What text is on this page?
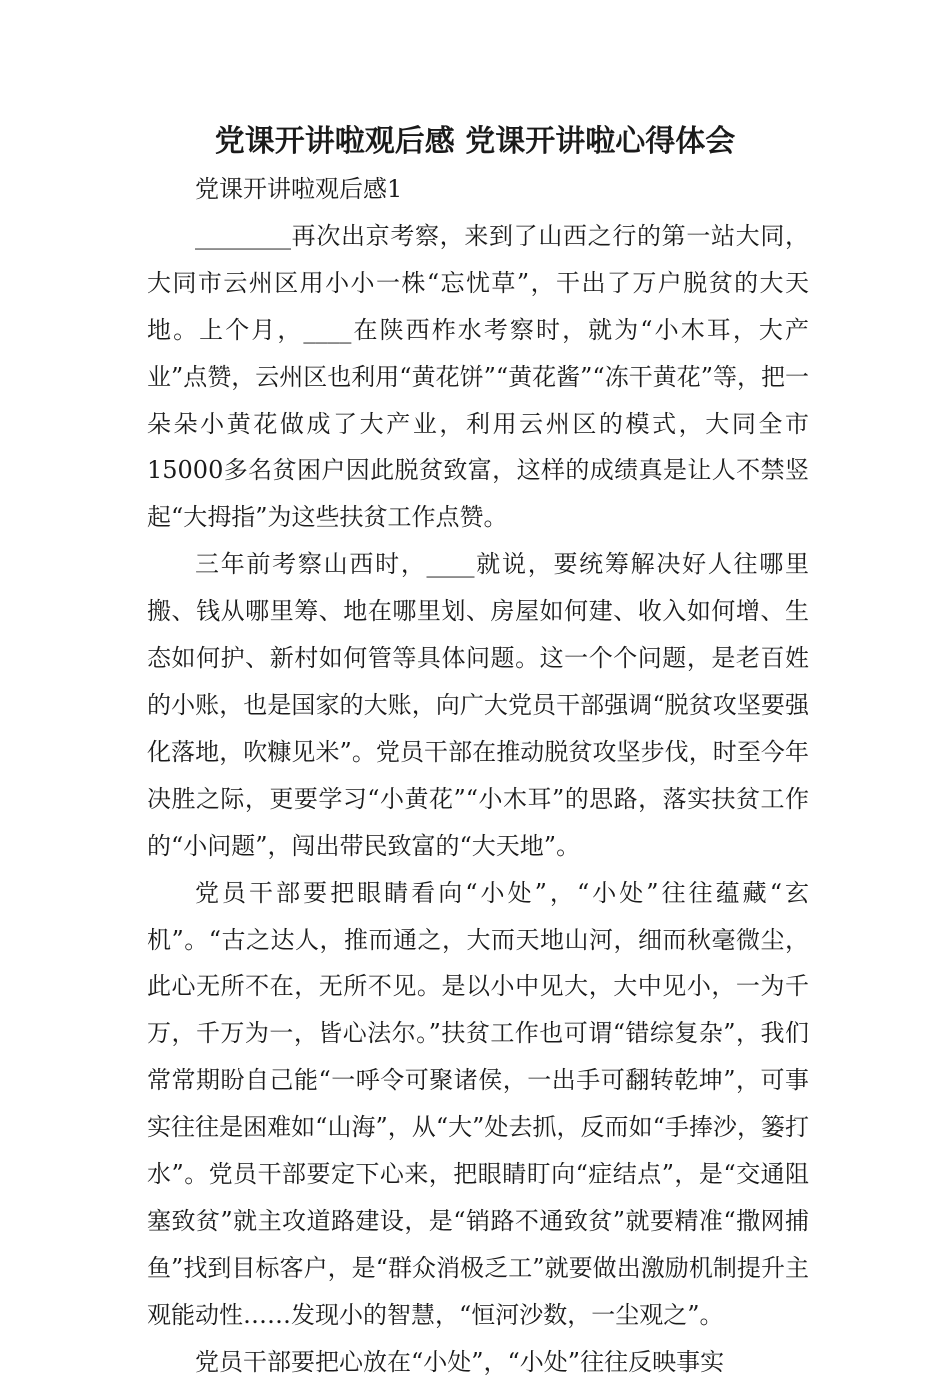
党课开讲啦观后感 党课开讲啦心得体会

党课开讲啦观后感1

________再次出京考察，来到了山西之行的第一站大同，大同市云州区用小小一株“忘忧草”，干出了万户脱贫的大天地。上个月，____在陕西柞水考察时，就为“小木耳，大产业”点赞，云州区也利用“黄花饼”“黄花酱”“冻干黄花”等，把一朵朵小黄花做成了大产业，利用云州区的模式，大同全市15000多名贫困户因此脱贫致富，这样的成绩真是让人不禁竖起“大拇指”为这些扶贫工作点赞。

三年前考察山西时，____就说，要统筹解决好人往哪里搬、钱从哪里筹、地在哪里划、房屋如何建、收入如何增、生态如何护、新村如何管等具体问题。这一个个问题，是老百姓的小账，也是国家的大账，向广大党员干部强调“脱贫攻坚要强化落地，吹糠见米”。党员干部在推动脱贫攻坚步伐，时至今年决胜之际，更要学习“小黄花”“小木耳”的思路，落实扶贫工作的“小问题”，闯出带民致富的“大天地”。

党员干部要把眼睛看向“小处”，“小处”往往蕴藏“玄机”。“古之达人，推而通之，大而天地山河，细而秋毫微尘，此心无所不在，无所不见。是以小中见大，大中见小，一为千万，千万为一，皆心法尔。”扶贫工作也可谓“错综复杂”，我们常常期盼自己能“一呼令可聚诸侯，一出手可翻转乾坤”，可事实往往是困难如“山海”，从“大”处去抓，反而如“手捧沙，篓打水”。党员干部要定下心来，把眼睛盯向“症结点”，是“交通阻塞致贫”就主攻道路建设，是“销路不通致贫”就要精准“撒网捕鱼”找到目标客户，是“群众消极乏工”就要做出激励机制提升主观能动性……发现小的智慧，“恒河沙数，一尘观之”。

党员干部要把心放在“小处”，“小处”往往反映事实
